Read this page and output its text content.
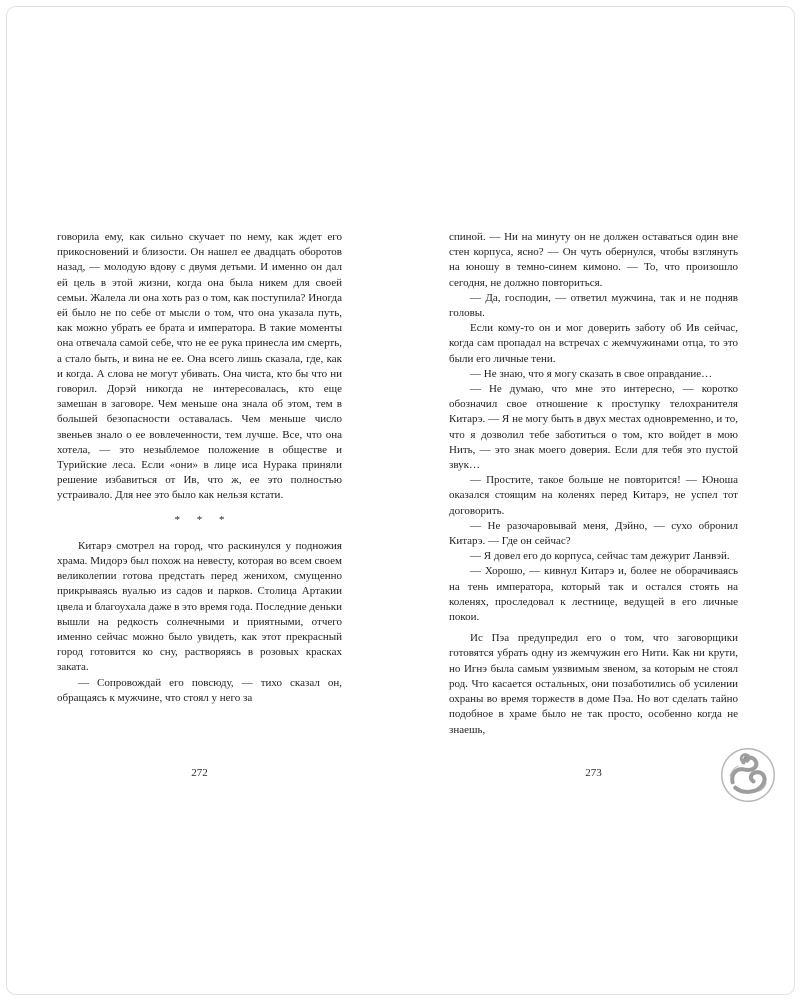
говорила ему, как сильно скучает по нему, как ждет его прикосновений и близости. Он нашел ее двадцать оборотов назад, — молодую вдову с двумя детьми. И именно он дал ей цель в этой жизни, когда она была никем для своей семьи. Жалела ли она хоть раз о том, как поступила? Иногда ей было не по себе от мысли о том, что она указала путь, как можно убрать ее брата и императора. В такие моменты она отвечала самой себе, что не ее рука принесла им смерть, а стало быть, и вина не ее. Она всего лишь сказала, где, как и когда. А слова не могут убивать. Она чиста, кто бы что ни говорил. Дорэй никогда не интересовалась, кто еще замешан в заговоре. Чем меньше она знала об этом, тем в большей безопасности оставалась. Чем меньше число звеньев знало о ее вовлеченности, тем лучше. Все, что она хотела, — это незыблемое положение в обществе и Турийские леса. Если «они» в лице иса Нурака приняли решение избавиться от Ив, что ж, ее это полностью устраивало. Для нее это было как нельзя кстати.

* * *

Китарэ смотрел на город, что раскинулся у подножия храма. Мидорэ был похож на невесту, которая во всем своем великолепии готова предстать перед женихом, смущенно прикрываясь вуалью из садов и парков. Столица Артакии цвела и благоухала даже в это время года. Последние деньки вышли на редкость солнечными и приятными, отчего именно сейчас можно было увидеть, как этот прекрасный город готовится ко сну, растворяясь в розовых красках заката.

— Сопровождай его повсюду, — тихо сказал он, обращаясь к мужчине, что стоял у него за

спиной. — Ни на минуту он не должен оставаться один вне стен корпуса, ясно? — Он чуть обернулся, чтобы взглянуть на юношу в темно-синем кимоно. — То, что произошло сегодня, не должно повториться.

— Да, господин, — ответил мужчина, так и не подняв головы.

Если кому-то он и мог доверить заботу об Ив сейчас, когда сам пропадал на встречах с жемчужинами отца, то это были его личные тени.

— Не знаю, что я могу сказать в свое оправдание…

— Не думаю, что мне это интересно, — коротко обозначил свое отношение к проступку телохранителя Китарэ. — Я не могу быть в двух местах одновременно, и то, что я дозволил тебе заботиться о том, кто войдет в мою Нить, — это знак моего доверия. Если для тебя это пустой звук…

— Простите, такое больше не повторится! — Юноша оказался стоящим на коленях перед Китарэ, не успел тот договорить.

— Не разочаровывай меня, Дэйно, — сухо обронил Китарэ. — Где он сейчас?

— Я довел его до корпуса, сейчас там дежурит Ланвэй.

— Хорошо, — кивнул Китарэ и, более не оборачиваясь на тень императора, который так и остался стоять на коленях, проследовал к лестнице, ведущей в его личные покои.

Ис Пэа предупредил его о том, что заговорщики готовятся убрать одну из жемчужин его Нити. Как ни крути, но Игнэ была самым уязвимым звеном, за которым не стоял род. Что касается остальных, они позаботились об усилении охраны во время торжеств в доме Пэа. Но вот сделать тайно подобное в храме было не так просто, особенно когда не знаешь,

272	273
